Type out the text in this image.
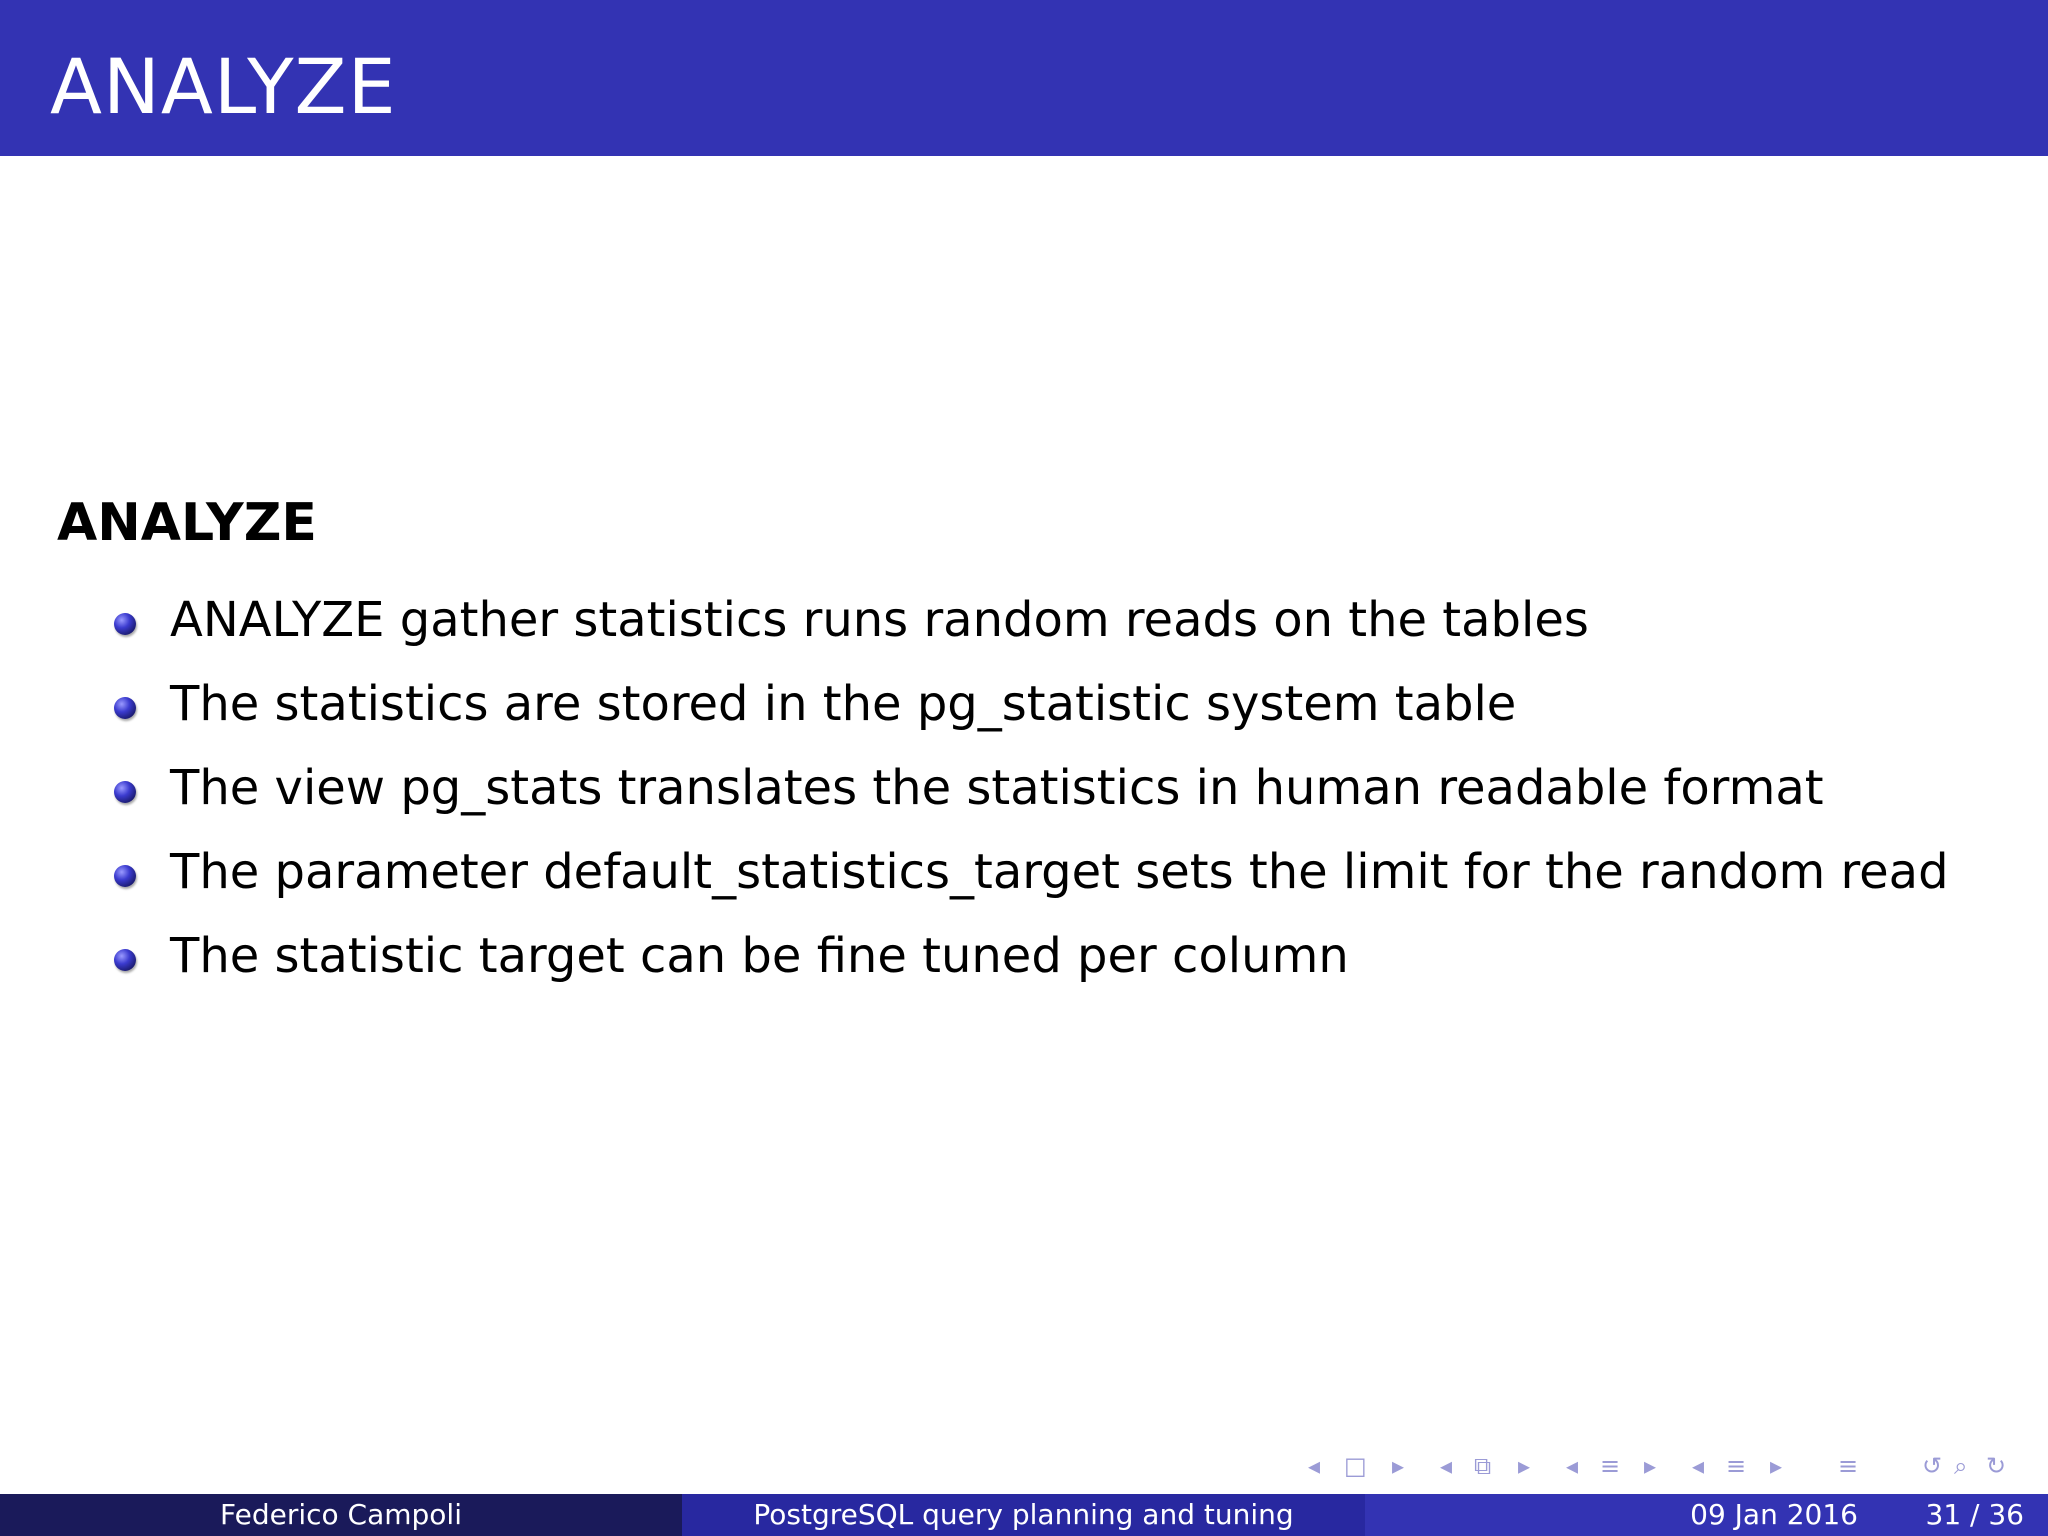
ANALYZE
ANALYZE
ANALYZE gather statistics runs random reads on the tables
The statistics are stored in the pg_statistic system table
The view pg_stats translates the statistics in human readable format
The parameter default_statistics_target sets the limit for the random read
The statistic target can be fine tuned per column
◂ □ ▸ ◂ ⧉ ▸ ◂ ≡ ▸ ◂ ≡ ▸ ≡	↺ ⌕ ↻
Federico Campoli	PostgreSQL query planning and tuning	09 Jan 2016 31 / 36
